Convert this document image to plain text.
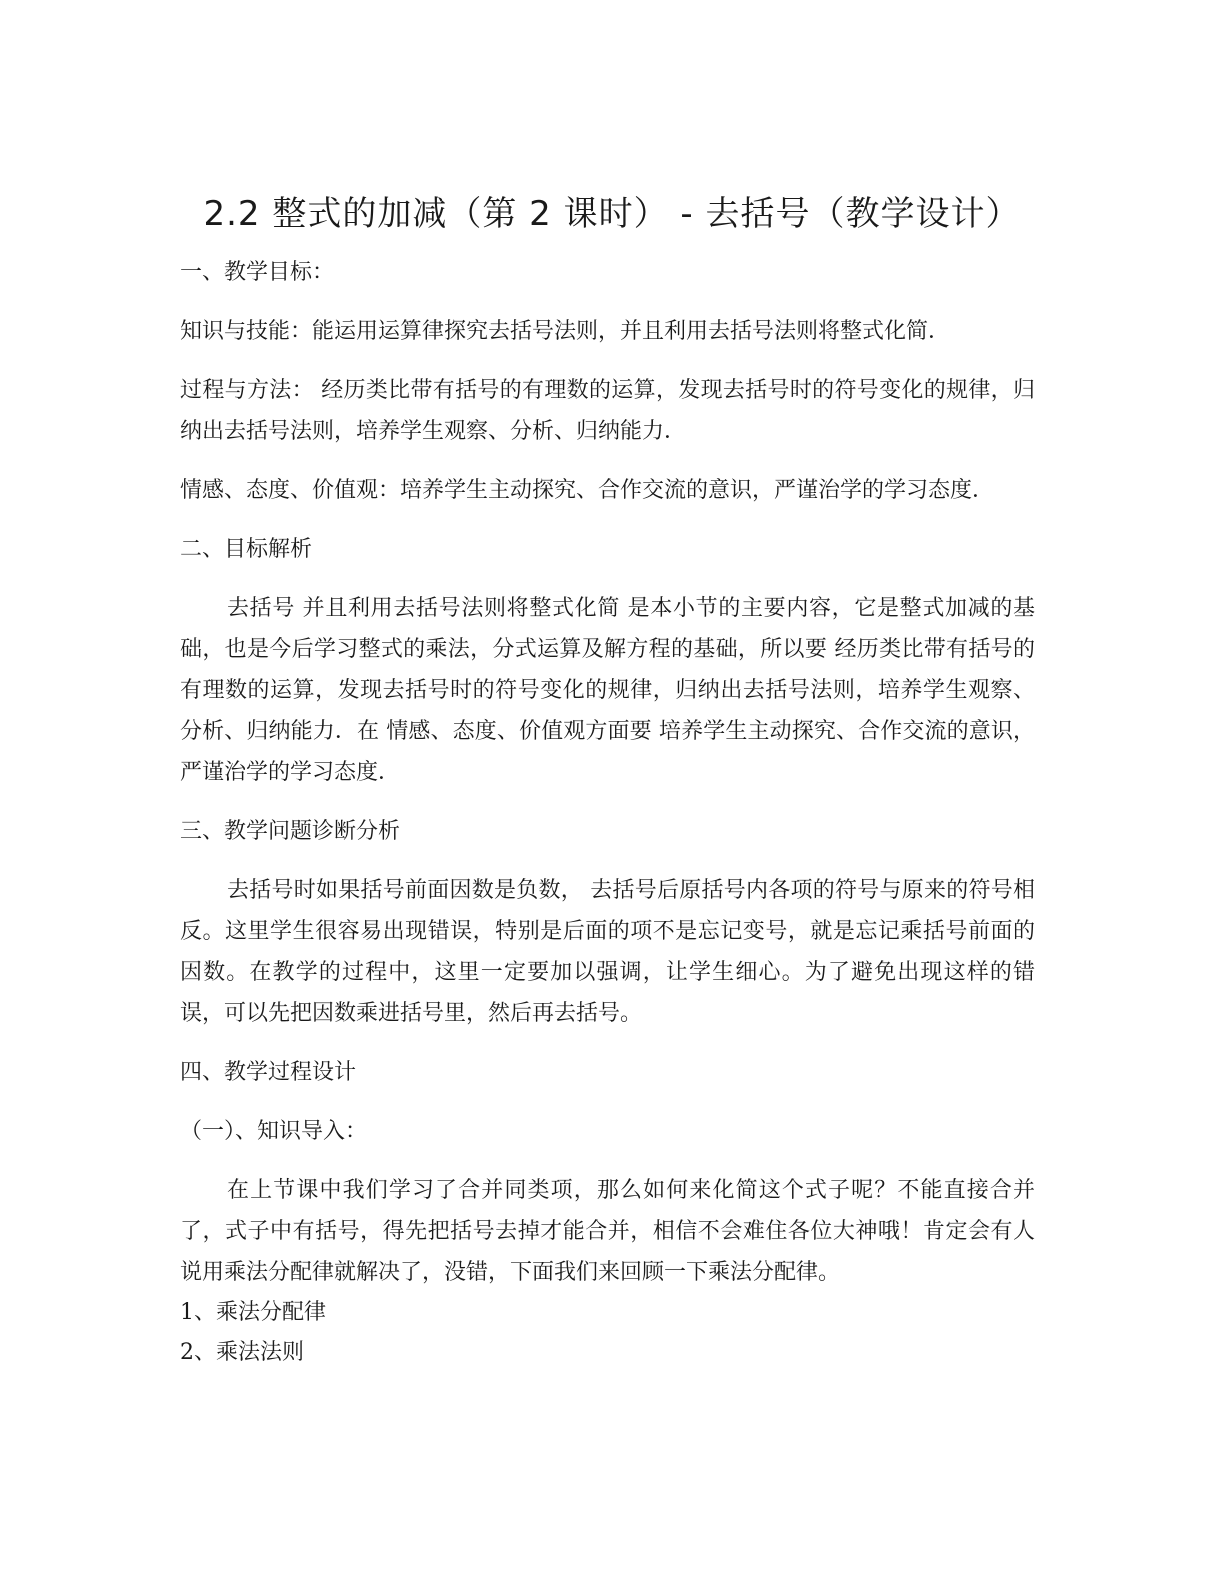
2.2 整式的加减（第 2 课时） - 去括号（教学设计）

一、教学目标：

知识与技能：能运用运算律探究去括号法则，并且利用去括号法则将整式化简．

过程与方法： 经历类比带有括号的有理数的运算，发现去括号时的符号变化的规律，归纳出去括号法则，培养学生观察、分析、归纳能力．

情感、态度、价值观：培养学生主动探究、合作交流的意识，严谨治学的学习态度．

二、目标解析

去括号 并且利用去括号法则将整式化简 是本小节的主要内容，它是整式加减的基础，也是今后学习整式的乘法，分式运算及解方程的基础，所以要 经历类比带有括号的有理数的运算，发现去括号时的符号变化的规律，归纳出去括号法则，培养学生观察、分析、归纳能力．在 情感、态度、价值观方面要 培养学生主动探究、合作交流的意识，严谨治学的学习态度．

三、教学问题诊断分析

去括号时如果括号前面因数是负数， 去括号后原括号内各项的符号与原来的符号相反。这里学生很容易出现错误，特别是后面的项不是忘记变号，就是忘记乘括号前面的因数。在教学的过程中，这里一定要加以强调，让学生细心。为了避免出现这样的错误，可以先把因数乘进括号里，然后再去括号。

四、教学过程设计

（一）、知识导入：

在上节课中我们学习了合并同类项，那么如何来化简这个式子呢？不能直接合并了，式子中有括号，得先把括号去掉才能合并，相信不会难住各位大神哦！肯定会有人说用乘法分配律就解决了，没错，下面我们来回顾一下乘法分配律。

1、乘法分配律

2、乘法法则
